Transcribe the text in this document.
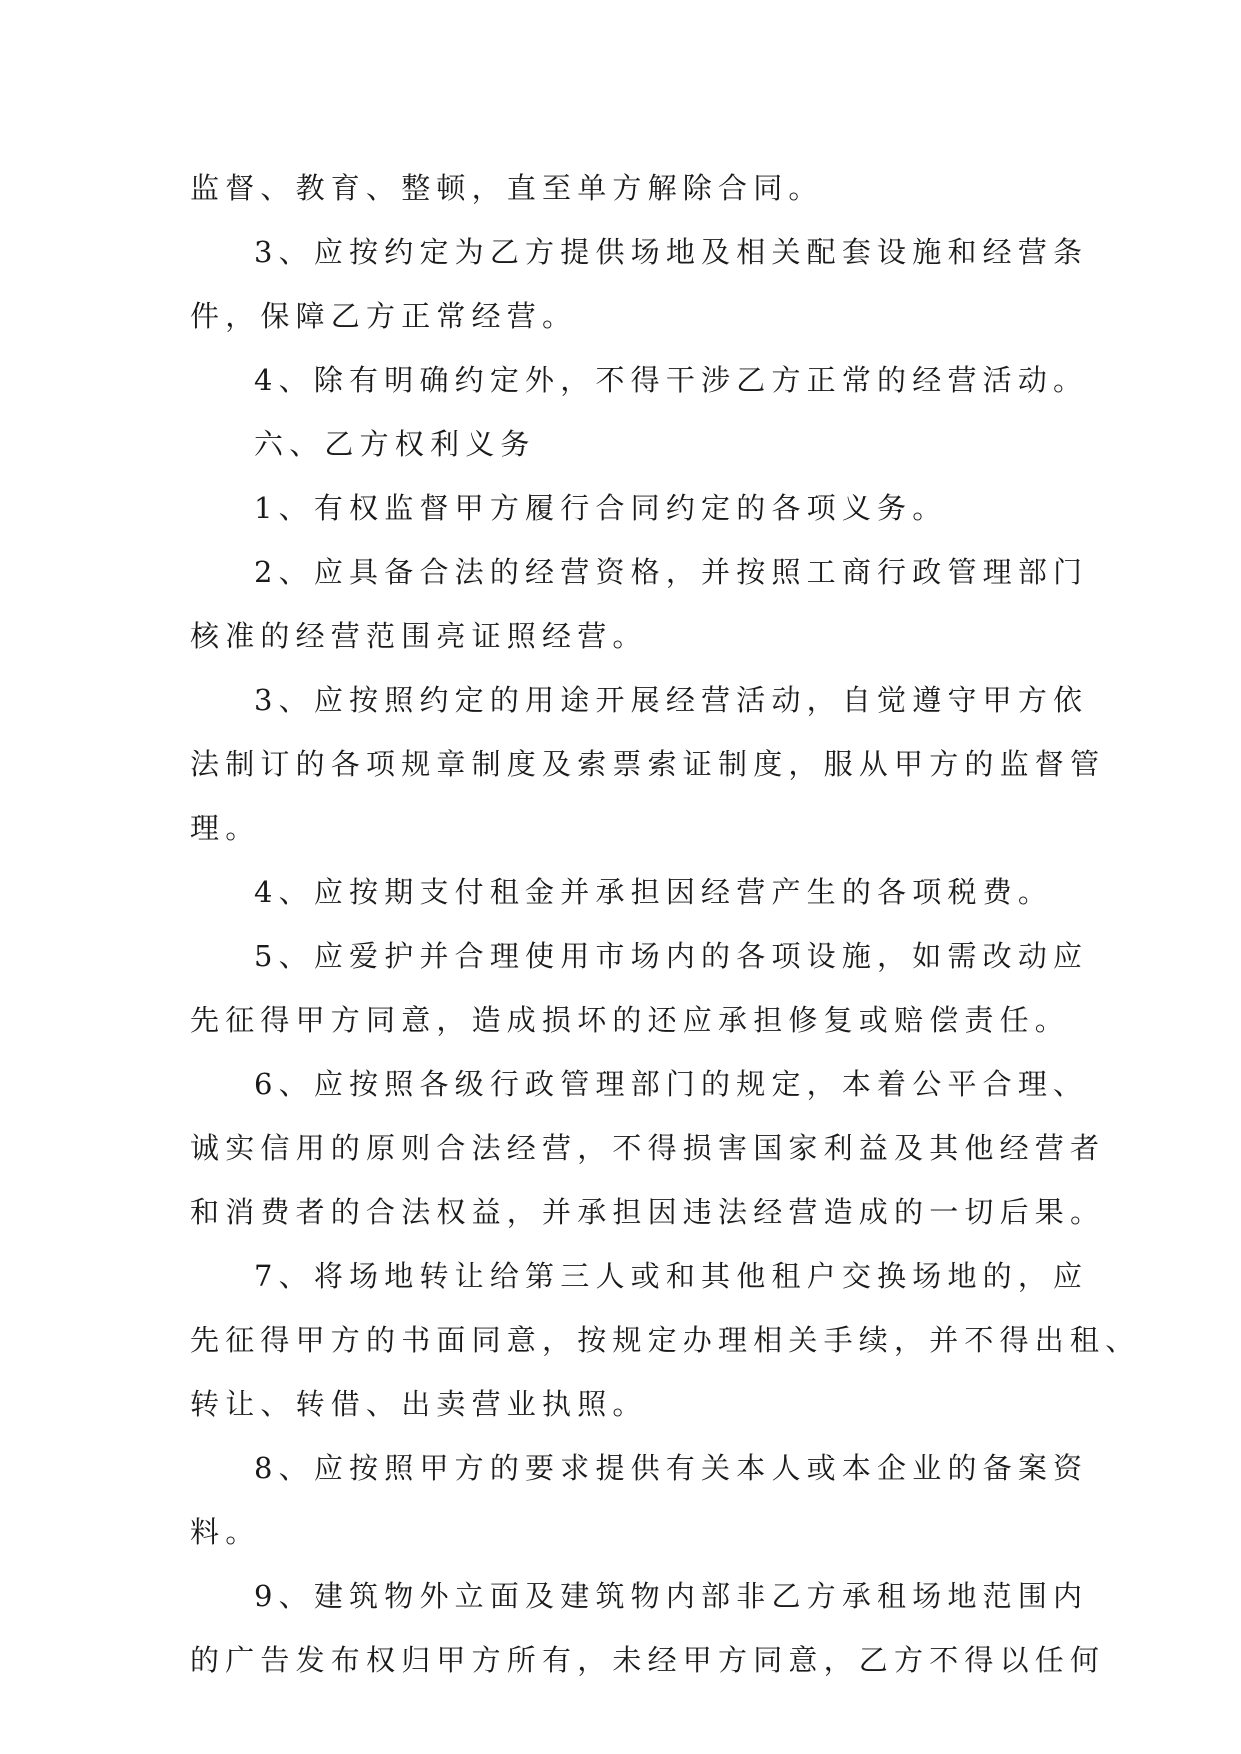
监督、教育、整顿，直至单方解除合同。
3、应按约定为乙方提供场地及相关配套设施和经营条
件，保障乙方正常经营。
4、除有明确约定外，不得干涉乙方正常的经营活动。
六、乙方权利义务
1、有权监督甲方履行合同约定的各项义务。
2、应具备合法的经营资格，并按照工商行政管理部门
核准的经营范围亮证照经营。
3、应按照约定的用途开展经营活动，自觉遵守甲方依
法制订的各项规章制度及索票索证制度，服从甲方的监督管
理。
4、应按期支付租金并承担因经营产生的各项税费。
5、应爱护并合理使用市场内的各项设施，如需改动应
先征得甲方同意，造成损坏的还应承担修复或赔偿责任。
6、应按照各级行政管理部门的规定，本着公平合理、
诚实信用的原则合法经营，不得损害国家利益及其他经营者
和消费者的合法权益，并承担因违法经营造成的一切后果。
7、将场地转让给第三人或和其他租户交换场地的，应
先征得甲方的书面同意，按规定办理相关手续，并不得出租、
转让、转借、出卖营业执照。
8、应按照甲方的要求提供有关本人或本企业的备案资
料。
9、建筑物外立面及建筑物内部非乙方承租场地范围内
的广告发布权归甲方所有，未经甲方同意，乙方不得以任何
